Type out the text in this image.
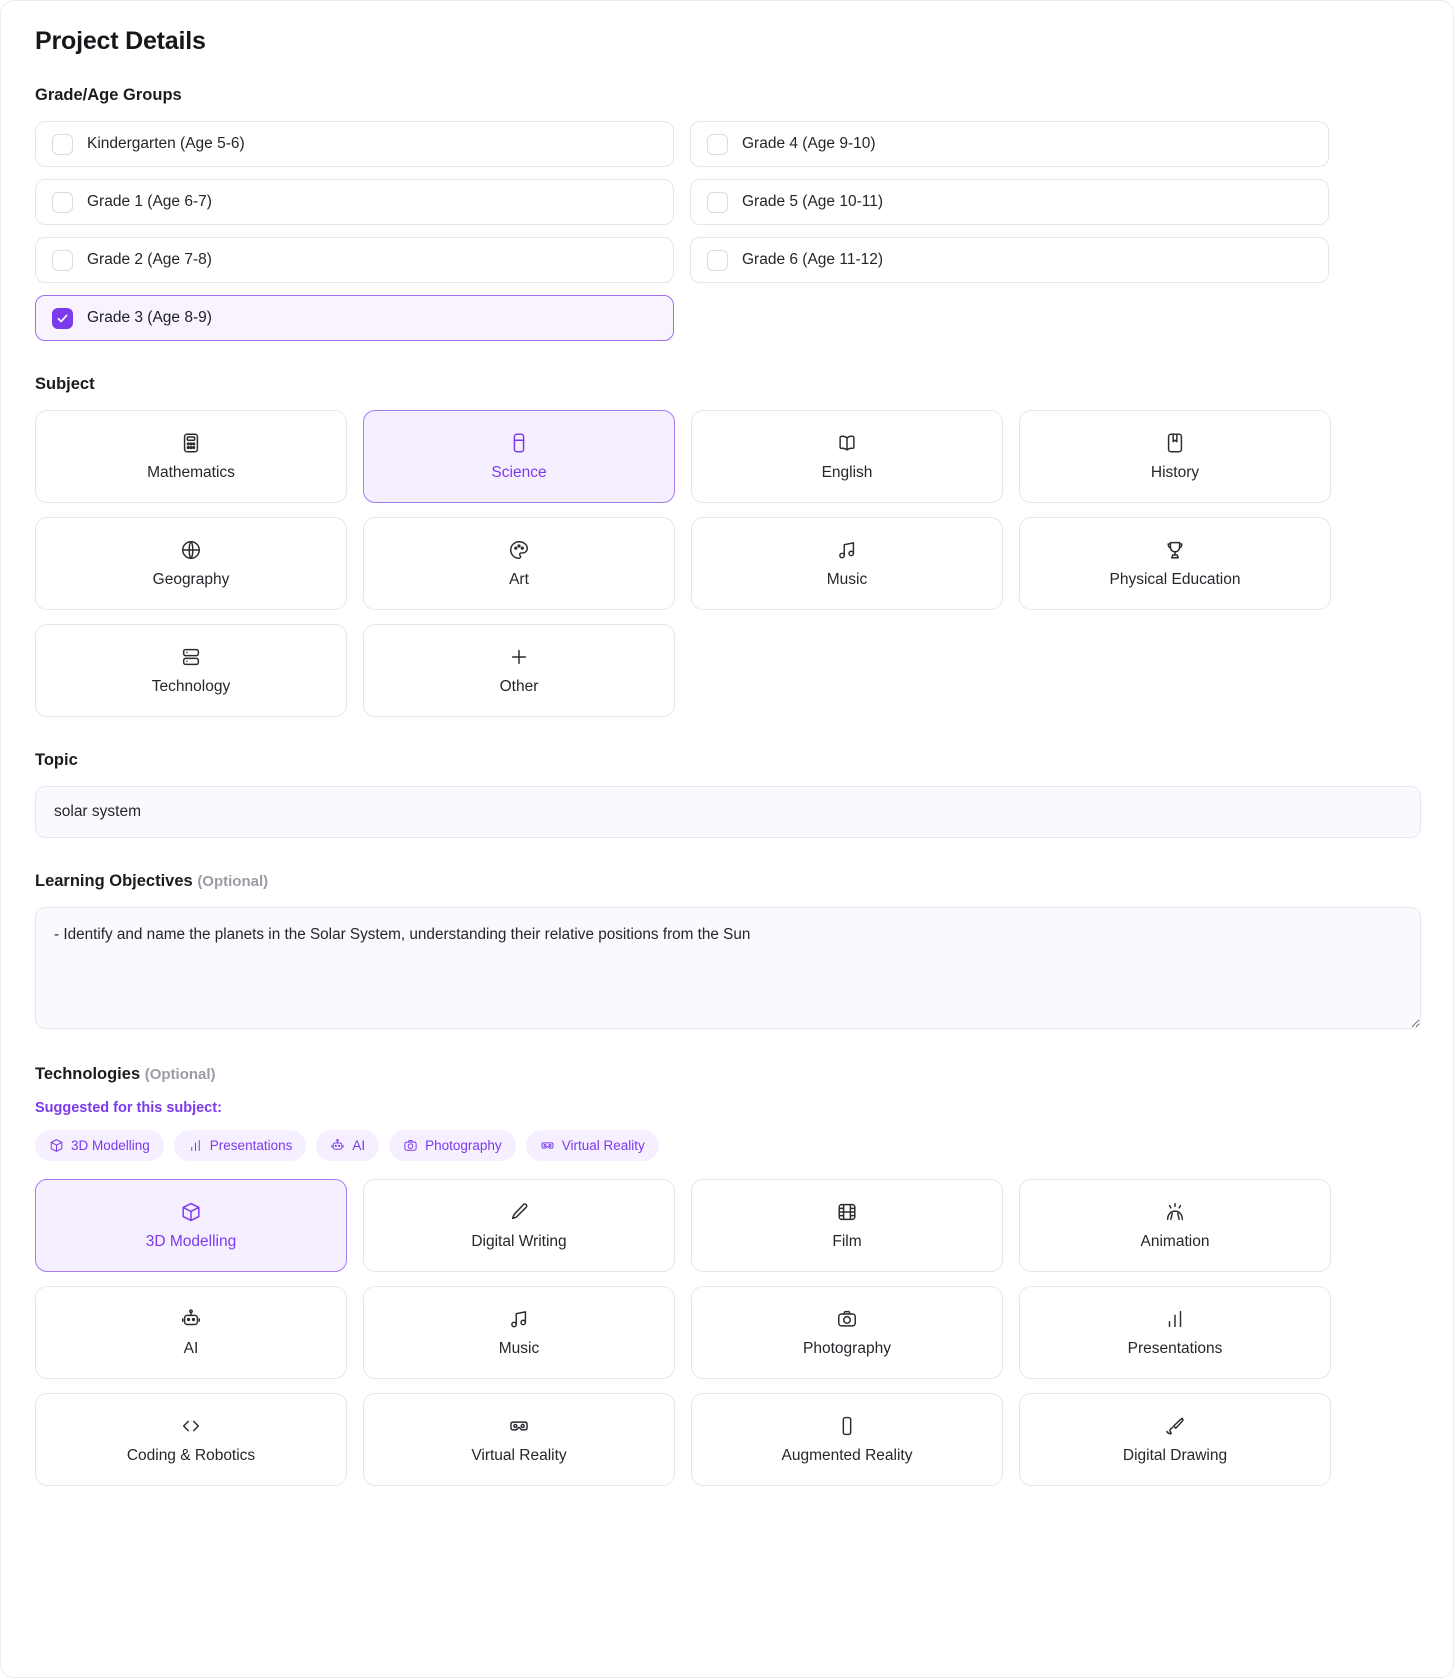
Project Details
Grade/Age Groups
Kindergarten (Age 5-6)	Grade 4 (Age 9-10)
Grade 1 (Age 6-7)	Grade 5 (Age 10-11)
Grade 2 (Age 7-8)	Grade 6 (Age 11-12)
Grade 3 (Age 8-9)
Subject
Mathematics	Science	English	History
Geography	Art	Music	Physical Education
Technology	Other
Topic
solar system
Learning Objectives (Optional)
- Identify and name the planets in the Solar System, understanding their relative positions from the Sun
Technologies (Optional)
Suggested for this subject:
3D Modelling	Presentations	AI	Photography	Virtual Reality
3D Modelling	Digital Writing	Film	Animation
AI	Music	Photography	Presentations
Coding & Robotics	Virtual Reality	Augmented Reality	Digital Drawing
